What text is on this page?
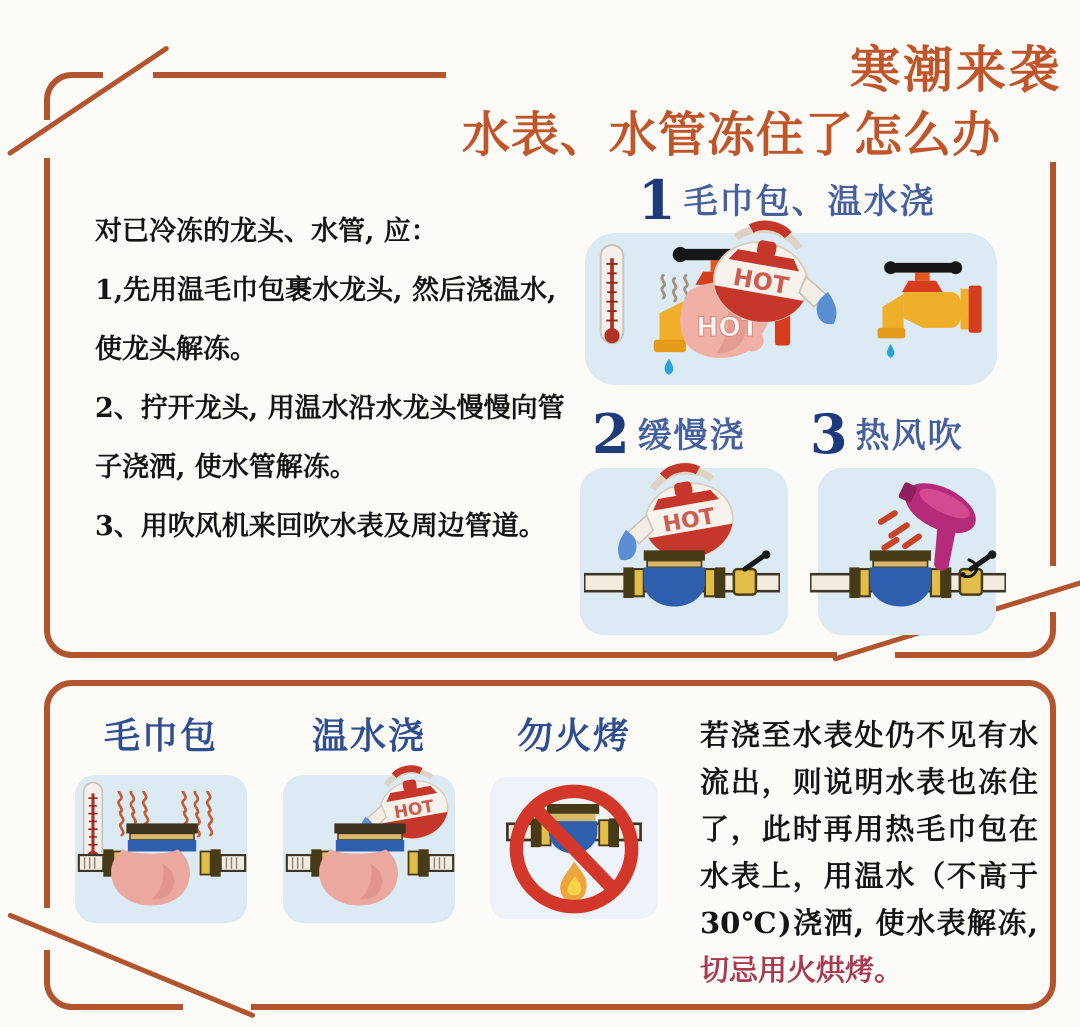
寒潮来袭
水表、水管冻住了怎么办
对已冷冻的龙头、水管, 应：
1,先用温毛巾包裹水龙头, 然后浇温水,
使龙头解冻。
2、拧开龙头, 用温水沿水龙头慢慢向管
子浇洒, 使水管解冻。
3、用吹风机来回吹水表及周边管道。
1 毛巾包、温水浇
2 缓慢浇 3 热风吹
毛巾包	温水浇	勿火烤	若浇至水表处仍不见有水流出，则说明水表也冻住了，此时再用热毛巾包在水表上，用温水（不高于30℃)浇洒, 使水表解冻, 切忌用火烘烤。
